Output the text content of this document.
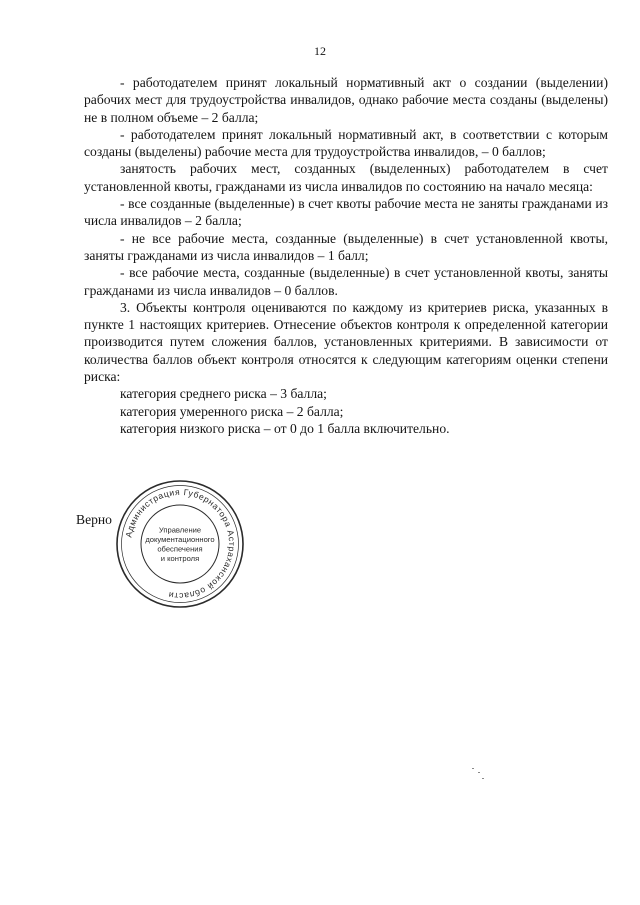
12

- работодателем принят локальный нормативный акт о создании (выделении) рабочих мест для трудоустройства инвалидов, однако рабочие места созданы (выделены) не в полном объеме – 2 балла;

- работодателем принят локальный нормативный акт, в соответствии с которым созданы (выделены) рабочие места для трудоустройства инвалидов, – 0 баллов;

занятость рабочих мест, созданных (выделенных) работодателем в счет установленной квоты, гражданами из числа инвалидов по состоянию на начало месяца:

- все созданные (выделенные) в счет квоты рабочие места не заняты гражданами из числа инвалидов – 2 балла;

- не все рабочие места, созданные (выделенные) в счет установленной квоты, заняты гражданами из числа инвалидов – 1 балл;

- все рабочие места, созданные (выделенные) в счет установленной квоты, заняты гражданами из числа инвалидов – 0 баллов.

3. Объекты контроля оцениваются по каждому из критериев риска, указанных в пункте 1 настоящих критериев. Отнесение объектов контроля к определенной категории производится путем сложения баллов, установленных критериями. В зависимости от количества баллов объект контроля относятся к следующим категориям оценки степени риска:

категория среднего риска – 3 балла;

категория умеренного риска – 2 балла;

категория низкого риска – от 0 до 1 балла включительно.

Верно
Администрация Губернатора Астраханской области
Управление
документационного
обеспечения
и контроля
